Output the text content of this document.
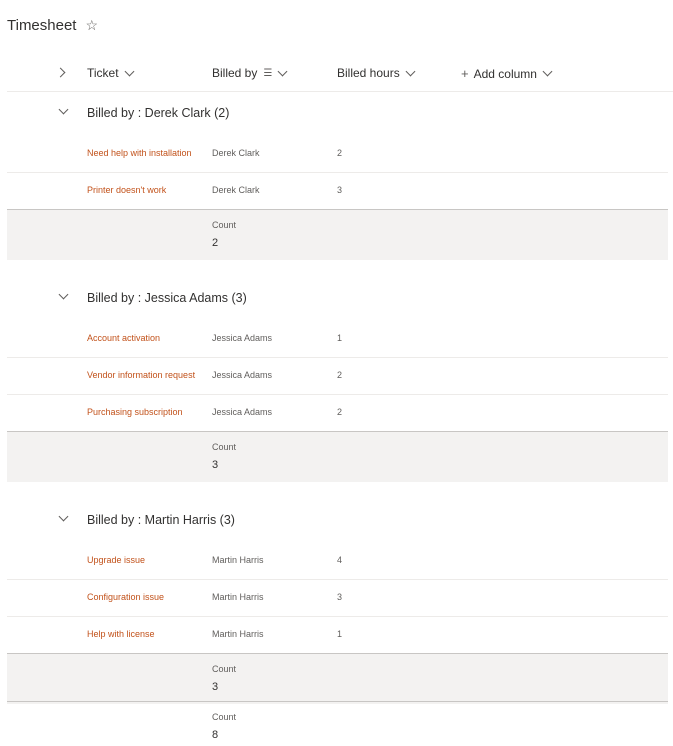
Timesheet ☆
Ticket	Billed by ☰	Billed hours	+ Add column
Billed by : Derek Clark (2)
Need help with installation	Derek Clark	2
Printer doesn't work	Derek Clark	3
Count
2
Billed by : Jessica Adams (3)
Account activation	Jessica Adams	1
Vendor information request	Jessica Adams	2
Purchasing subscription	Jessica Adams	2
Count
3
Billed by : Martin Harris (3)
Upgrade issue	Martin Harris	4
Configuration issue	Martin Harris	3
Help with license	Martin Harris	1
Count
3
Count
8
